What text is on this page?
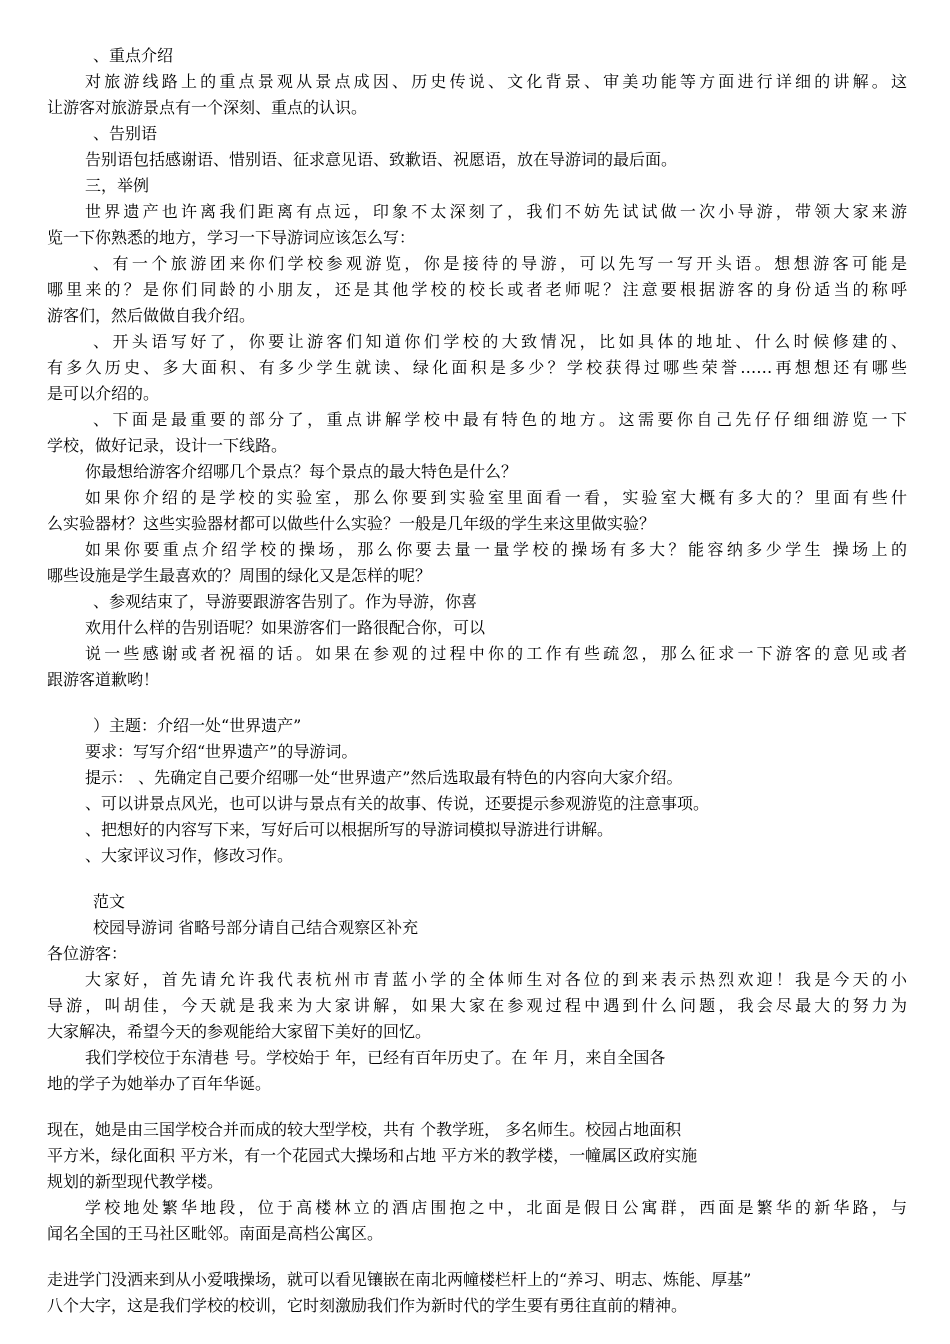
、重点介绍

对旅游线路上的重点景观从景点成因、历史传说、文化背景、审美功能等方面进行详细的讲解。这

让游客对旅游景点有一个深刻、重点的认识。

、告别语

告别语包括感谢语、惜别语、征求意见语、致歉语、祝愿语，放在导游词的最后面。

三，举例

世界遗产也许离我们距离有点远，印象不太深刻了，我们不妨先试试做一次小导游，带领大家来游

览一下你熟悉的地方，学习一下导游词应该怎么写：

、有一个旅游团来你们学校参观游览，你是接待的导游，可以先写一写开头语。想想游客可能是

哪里来的？是你们同龄的小朋友，还是其他学校的校长或者老师呢？注意要根据游客的身份适当的称呼

游客们，然后做做自我介绍。

、开头语写好了，你要让游客们知道你们学校的大致情况，比如具体的地址、什么时候修建的、

有多久历史、多大面积、有多少学生就读、绿化面积是多少？学校获得过哪些荣誉……再想想还有哪些

是可以介绍的。

、下面是最重要的部分了，重点讲解学校中最有特色的地方。这需要你自己先仔仔细细游览一下

学校，做好记录，设计一下线路。

你最想给游客介绍哪几个景点？每个景点的最大特色是什么？

如果你介绍的是学校的实验室，那么你要到实验室里面看一看，实验室大概有多大的？里面有些什

么实验器材？这些实验器材都可以做些什么实验？一般是几年级的学生来这里做实验？

如果你要重点介绍学校的操场，那么你要去量一量学校的操场有多大？能容纳多少学生 操场上的

哪些设施是学生最喜欢的？周围的绿化又是怎样的呢？

、参观结束了，导游要跟游客告别了。作为导游，你喜

欢用什么样的告别语呢？如果游客们一路很配合你，可以

说一些感谢或者祝福的话。如果在参观的过程中你的工作有些疏忽，那么征求一下游客的意见或者

跟游客道歉哟！

）主题：介绍一处“世界遗产”

要求：写写介绍“世界遗产”的导游词。

提示： 、先确定自己要介绍哪一处“世界遗产”然后选取最有特色的内容向大家介绍。

、可以讲景点风光，也可以讲与景点有关的故事、传说，还要提示参观游览的注意事项。

、把想好的内容写下来，写好后可以根据所写的导游词模拟导游进行讲解。

、大家评议习作，修改习作。

范文

校园导游词 省略号部分请自己结合观察区补充

各位游客：

大家好，首先请允许我代表杭州市青蓝小学的全体师生对各位的到来表示热烈欢迎！我是今天的小

导游，叫胡佳，今天就是我来为大家讲解，如果大家在参观过程中遇到什么问题，我会尽最大的努力为

大家解决，希望今天的参观能给大家留下美好的回忆。

我们学校位于东清巷 号。学校始于 年，已经有百年历史了。在 年 月，来自全国各

地的学子为她举办了百年华诞。

现在，她是由三国学校合并而成的较大型学校，共有 个教学班， 多名师生。校园占地面积

平方米，绿化面积 平方米，有一个花园式大操场和占地 平方米的教学楼，一幢属区政府实施

规划的新型现代教学楼。

学校地处繁华地段，位于高楼林立的酒店围抱之中，北面是假日公寓群，西面是繁华的新华路，与

闻名全国的王马社区毗邻。南面是高档公寓区。

走进学门没洒来到从小爱哦操场，就可以看见镶嵌在南北两幢楼栏杆上的“养习、明志、炼能、厚基”

八个大字，这是我们学校的校训，它时刻激励我们作为新时代的学生要有勇往直前的精神。
